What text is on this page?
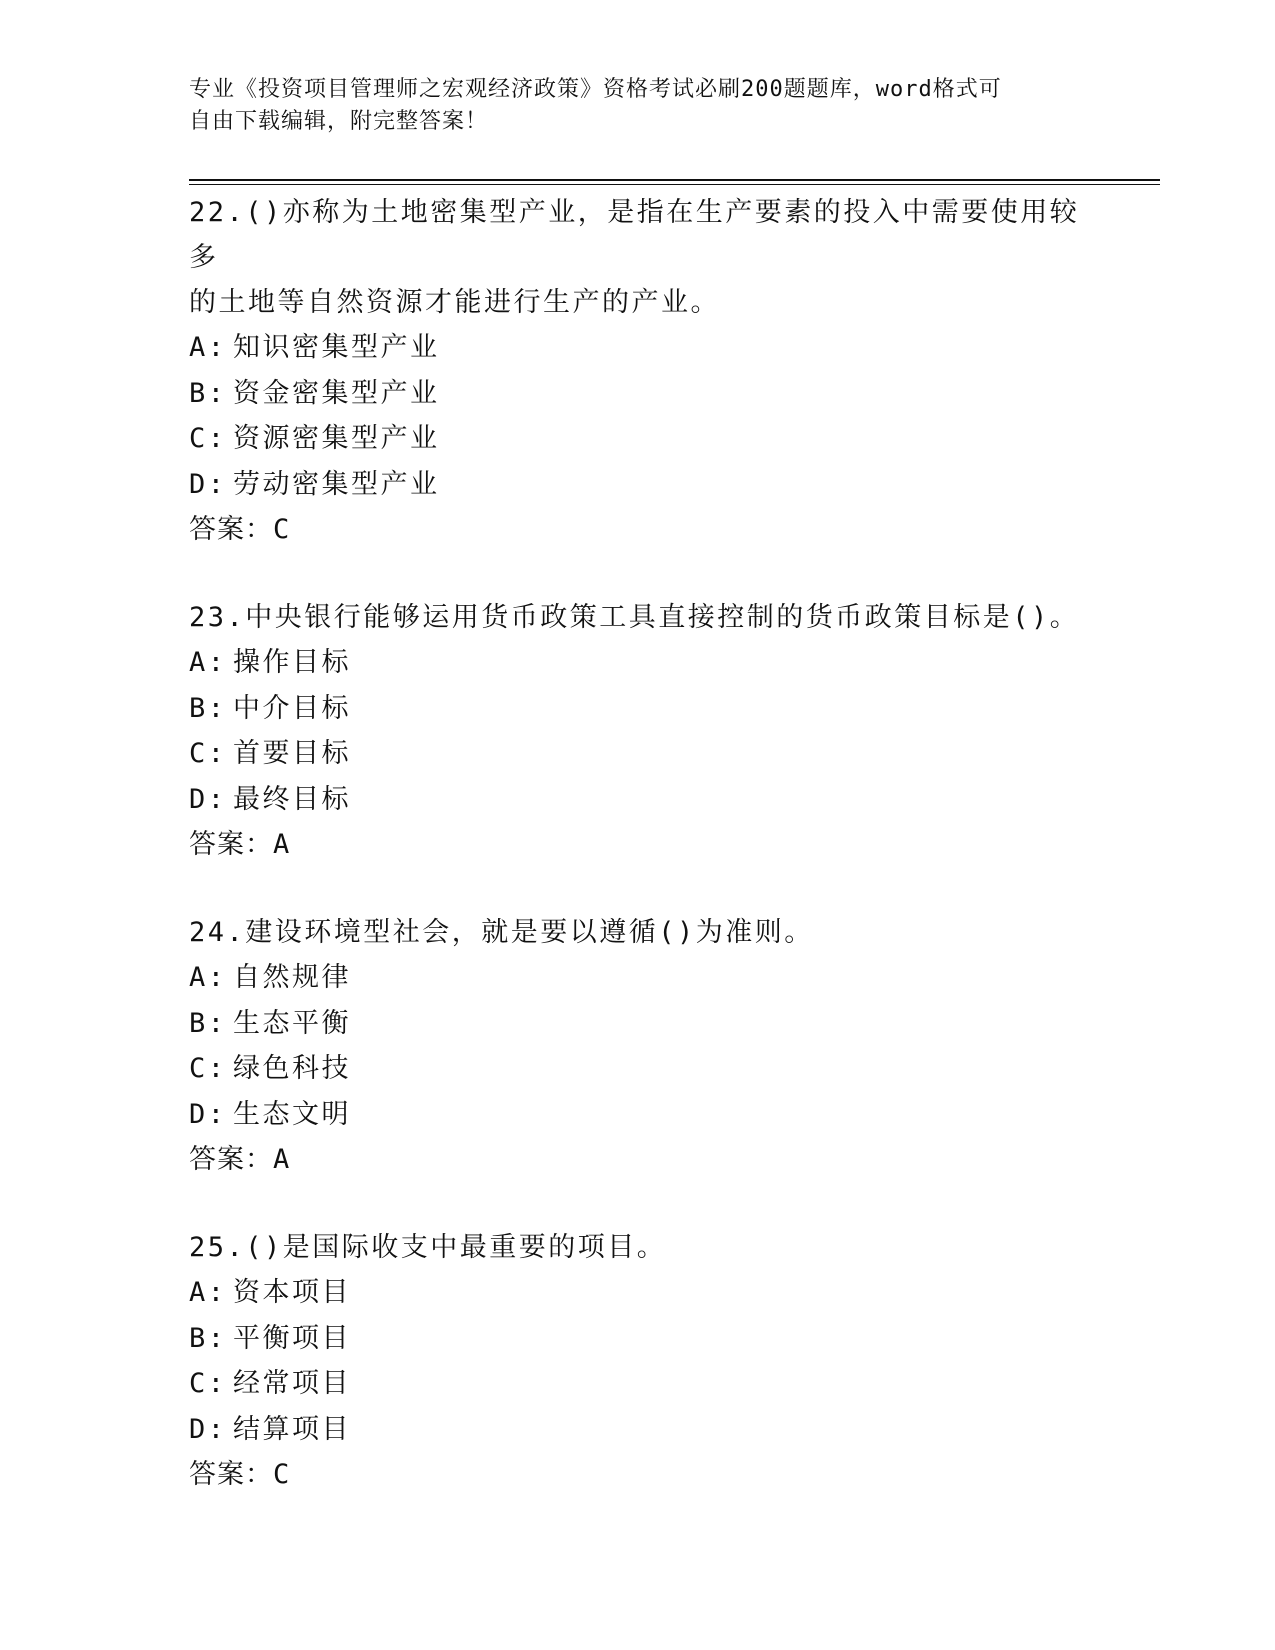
专业《投资项目管理师之宏观经济政策》资格考试必刷200题题库，word格式可
自由下载编辑，附完整答案！

22.()亦称为土地密集型产业，是指在生产要素的投入中需要使用较多

的土地等自然资源才能进行生产的产业。

A: 知识密集型产业

B: 资金密集型产业

C: 资源密集型产业

D: 劳动密集型产业

答案：C

23.中央银行能够运用货币政策工具直接控制的货币政策目标是()。

A: 操作目标

B: 中介目标

C: 首要目标

D: 最终目标

答案：A

24.建设环境型社会，就是要以遵循()为准则。

A: 自然规律

B: 生态平衡

C: 绿色科技

D: 生态文明

答案：A

25.()是国际收支中最重要的项目。

A: 资本项目

B: 平衡项目

C: 经常项目

D: 结算项目

答案：C
